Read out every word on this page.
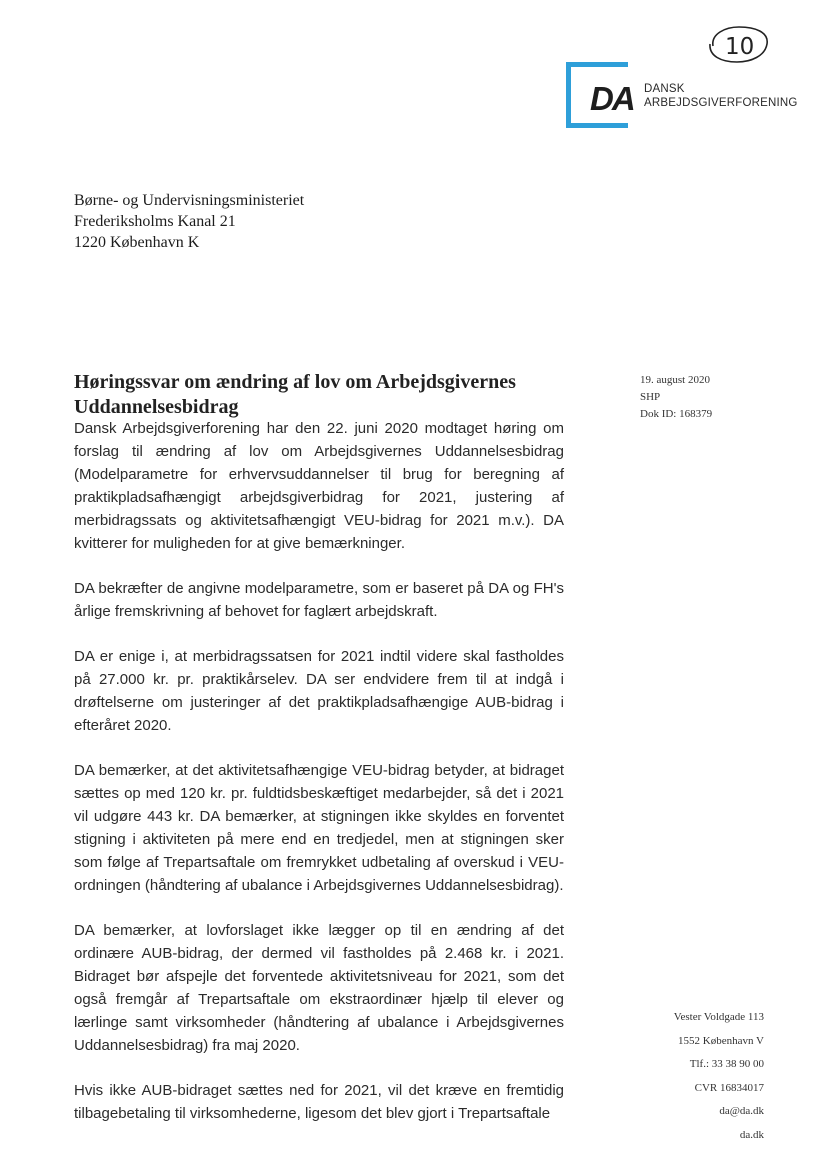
10
DA DANSK
ARBEJDSGIVERFORENING
Børne- og Undervisningsministeriet
Frederiksholms Kanal 21
1220 København K
Høringssvar om ændring af lov om Arbejdsgivernes Uddannelsesbidrag
19. august 2020
SHP
Dok ID: 168379

Dansk Arbejdsgiverforening har den 22. juni 2020 modtaget høring om forslag til ændring af lov om Arbejdsgivernes Uddannelsesbidrag (Modelparametre for erhvervsuddannelser til brug for beregning af praktikpladsafhængigt arbejdsgiverbidrag for 2021, justering af merbidragssats og aktivitetsafhængigt VEU-bidrag for 2021 m.v.). DA kvitterer for muligheden for at give bemærkninger.

DA bekræfter de angivne modelparametre, som er baseret på DA og FH's årlige fremskrivning af behovet for faglært arbejdskraft.

DA er enige i, at merbidragssatsen for 2021 indtil videre skal fastholdes på 27.000 kr. pr. praktikårselev. DA ser endvidere frem til at indgå i drøftelserne om justeringer af det praktikpladsafhængige AUB-bidrag i efteråret 2020.

DA bemærker, at det aktivitetsafhængige VEU-bidrag betyder, at bidraget sættes op med 120 kr. pr. fuldtidsbeskæftiget medarbejder, så det i 2021 vil udgøre 443 kr. DA bemærker, at stigningen ikke skyldes en forventet stigning i aktiviteten på mere end en tredjedel, men at stigningen sker som følge af Trepartsaftale om fremrykket udbetaling af overskud i VEU-ordningen (håndtering af ubalance i Arbejdsgivernes Uddannelsesbidrag).

DA bemærker, at lovforslaget ikke lægger op til en ændring af det ordinære AUB-bidrag, der dermed vil fastholdes på 2.468 kr. i 2021. Bidraget bør afspejle det forventede aktivitetsniveau for 2021, som det også fremgår af Trepartsaftale om ekstraordinær hjælp til elever og lærlinge samt virksomheder (håndtering af ubalance i Arbejdsgivernes Uddannelsesbidrag) fra maj 2020.

Hvis ikke AUB-bidraget sættes ned for 2021, vil det kræve en fremtidig tilbagebetaling til virksomhederne, ligesom det blev gjort i Trepartsaftale

Vester Voldgade 113
1552 København V
Tlf.: 33 38 90 00
CVR 16834017
da@da.dk
da.dk
